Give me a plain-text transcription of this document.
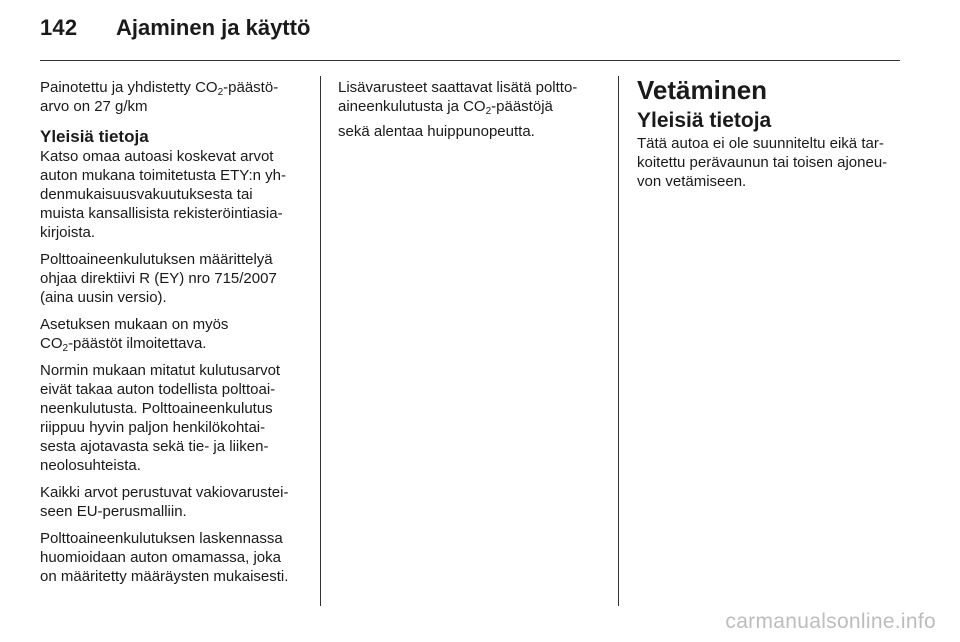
142 Ajaminen ja käyttö

Painotettu ja yhdistetty $CO_2-päästö-$
arvo on 27 g/km

Yleisiä tietoja

Katso omaa autoasi koskevat arvot
auton mukana toimitetusta ETY:n yh-
denmukaisuusvakuutuksesta tai
muista kansallisista rekisteröintiasia-
kirjoista.

Polttoaineenkulutuksen määrittelyä
ohjaa direktiivi R (EY) nro 715/2007
(aina uusin versio).

Asetuksen mukaan on myös
$CO_2$-päästöt ilmoitettava.

Normin mukaan mitatut kulutusarvot
eivät takaa auton todellista polttoai-
neenkulutusta. Polttoaineenkulutus
riippuu hyvin paljon henkilökohtai-
sesta ajotavasta sekä tie- ja liiken-
neolosuhteista.

Kaikki arvot perustuvat vakiovarustei-
seen EU-perusmalliin.

Polttoaineenkulutuksen laskennassa
huomioidaan auton omamassa, joka
on määritetty määräysten mukaisesti.

Lisävarusteet saattavat lisätä poltto-
aineenkulutusta ja $CO_2$-päästöjä
sekä alentaa huippunopeutta.

Vetäminen
Yleisiä tietoja

Tätä autoa ei ole suunniteltu eikä tar-
koitettu perävaunun tai toisen ajoneu-
von vetämiseen.

carmanualsonline.info
